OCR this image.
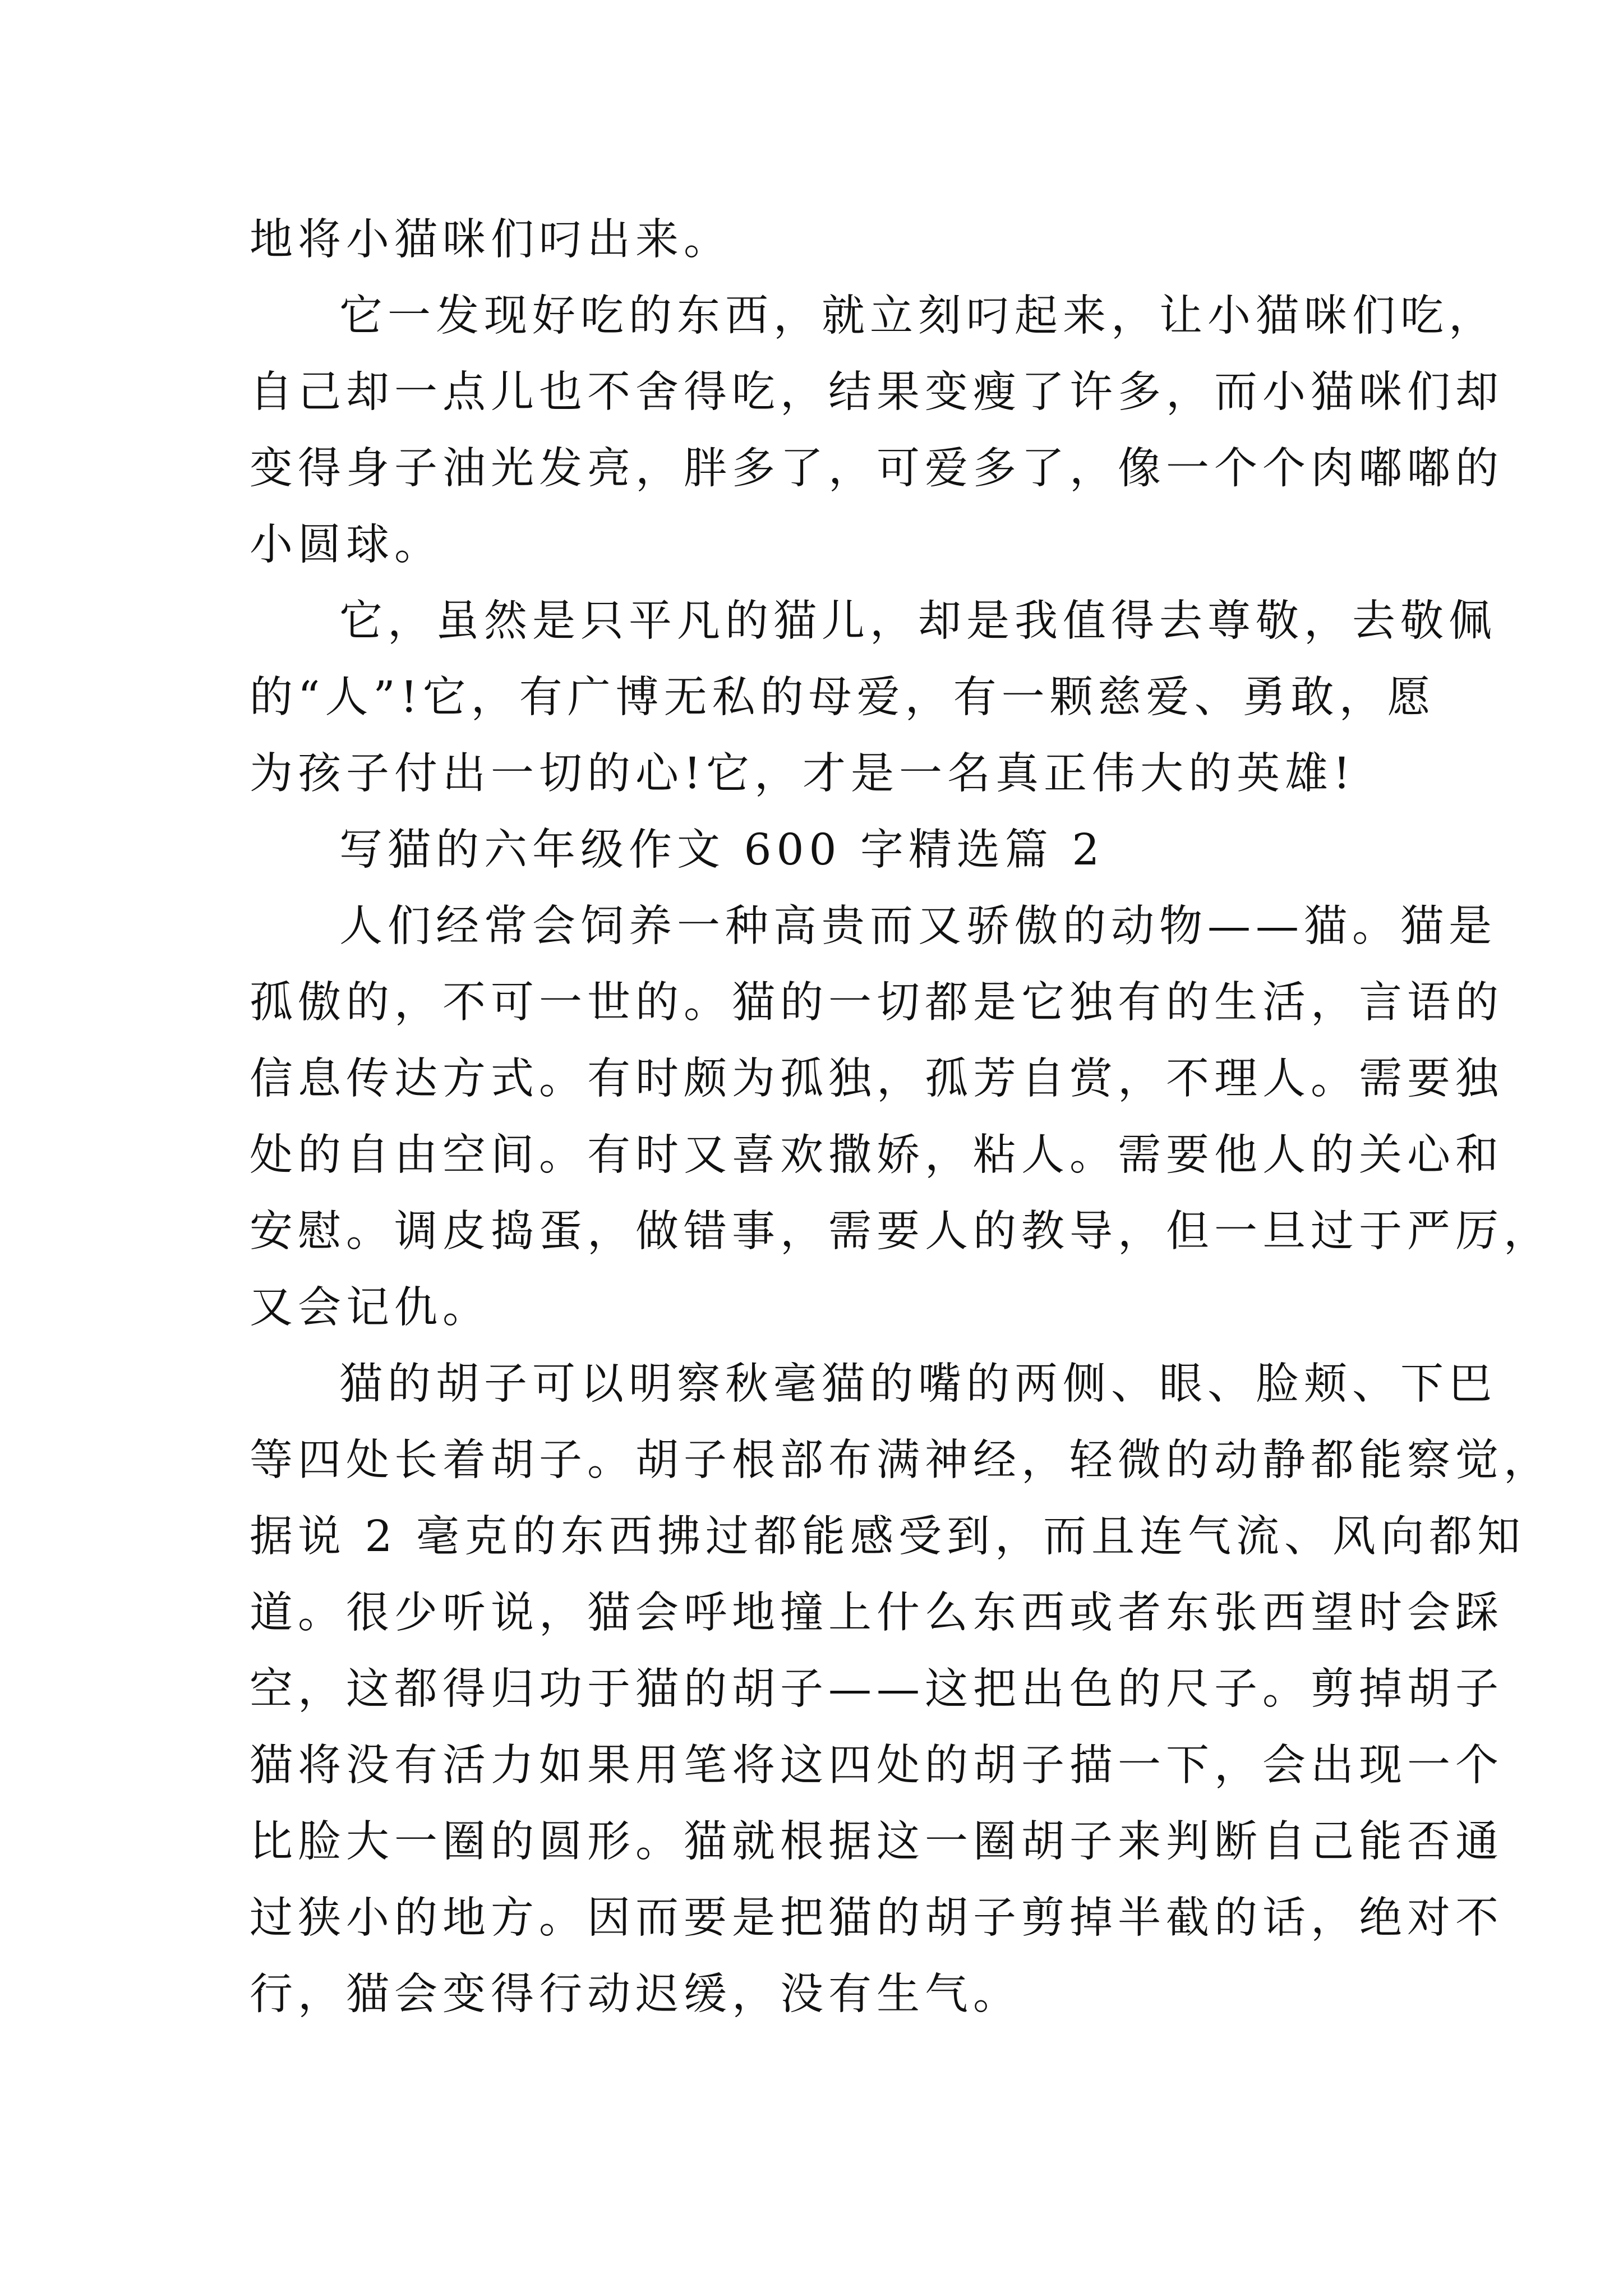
地将小猫咪们叼出来。
它一发现好吃的东西，就立刻叼起来，让小猫咪们吃，
自己却一点儿也不舍得吃，结果变瘦了许多，而小猫咪们却
变得身子油光发亮，胖多了，可爱多了，像一个个肉嘟嘟的
小圆球。
它，虽然是只平凡的猫儿，却是我值得去尊敬，去敬佩
的“人”!它，有广博无私的母爱，有一颗慈爱、勇敢，愿
为孩子付出一切的心!它，才是一名真正伟大的英雄!
写猫的六年级作文 600 字精选篇 2
人们经常会饲养一种高贵而又骄傲的动物——猫。猫是
孤傲的，不可一世的。猫的一切都是它独有的生活，言语的
信息传达方式。有时颇为孤独，孤芳自赏，不理人。需要独
处的自由空间。有时又喜欢撒娇，粘人。需要他人的关心和
安慰。调皮捣蛋，做错事，需要人的教导，但一旦过于严厉，
又会记仇。
猫的胡子可以明察秋毫猫的嘴的两侧、眼、脸颊、下巴
等四处长着胡子。胡子根部布满神经，轻微的动静都能察觉，
据说 2 毫克的东西拂过都能感受到，而且连气流、风向都知
道。很少听说，猫会呼地撞上什么东西或者东张西望时会踩
空，这都得归功于猫的胡子——这把出色的尺子。剪掉胡子
猫将没有活力如果用笔将这四处的胡子描一下，会出现一个
比脸大一圈的圆形。猫就根据这一圈胡子来判断自己能否通
过狭小的地方。因而要是把猫的胡子剪掉半截的话，绝对不
行，猫会变得行动迟缓，没有生气。
